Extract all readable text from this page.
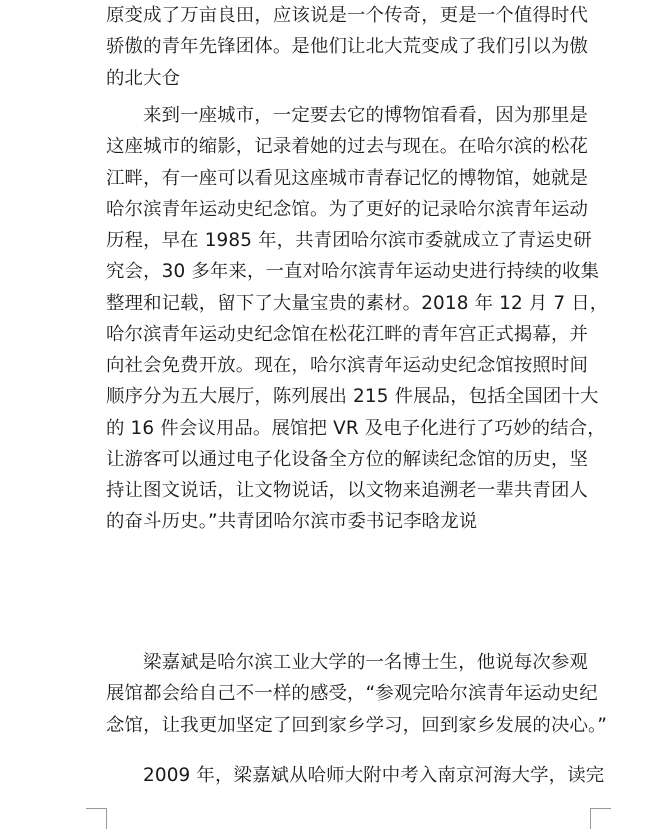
原变成了万亩良田，应该说是一个传奇，更是一个值得时代
骄傲的青年先锋团体。是他们让北大荒变成了我们引以为傲
的北大仓
来到一座城市，一定要去它的博物馆看看，因为那里是
这座城市的缩影，记录着她的过去与现在。在哈尔滨的松花
江畔，有一座可以看见这座城市青春记忆的博物馆，她就是
哈尔滨青年运动史纪念馆。为了更好的记录哈尔滨青年运动
历程，早在 1985 年，共青团哈尔滨市委就成立了青运史研
究会，30 多年来，一直对哈尔滨青年运动史进行持续的收集
整理和记载，留下了大量宝贵的素材。2018 年 12 月 7 日，
哈尔滨青年运动史纪念馆在松花江畔的青年宫正式揭幕，并
向社会免费开放。现在，哈尔滨青年运动史纪念馆按照时间
顺序分为五大展厅，陈列展出 215 件展品，包括全国团十大
的 16 件会议用品。展馆把 VR 及电子化进行了巧妙的结合，
让游客可以通过电子化设备全方位的解读纪念馆的历史，坚
持让图文说话，让文物说话，以文物来追溯老一辈共青团人
的奋斗历史。”共青团哈尔滨市委书记李晗龙说
梁嘉斌是哈尔滨工业大学的一名博士生，他说每次参观
展馆都会给自己不一样的感受，“参观完哈尔滨青年运动史纪
念馆，让我更加坚定了回到家乡学习，回到家乡发展的决心。”
2009 年，梁嘉斌从哈师大附中考入南京河海大学，读完
